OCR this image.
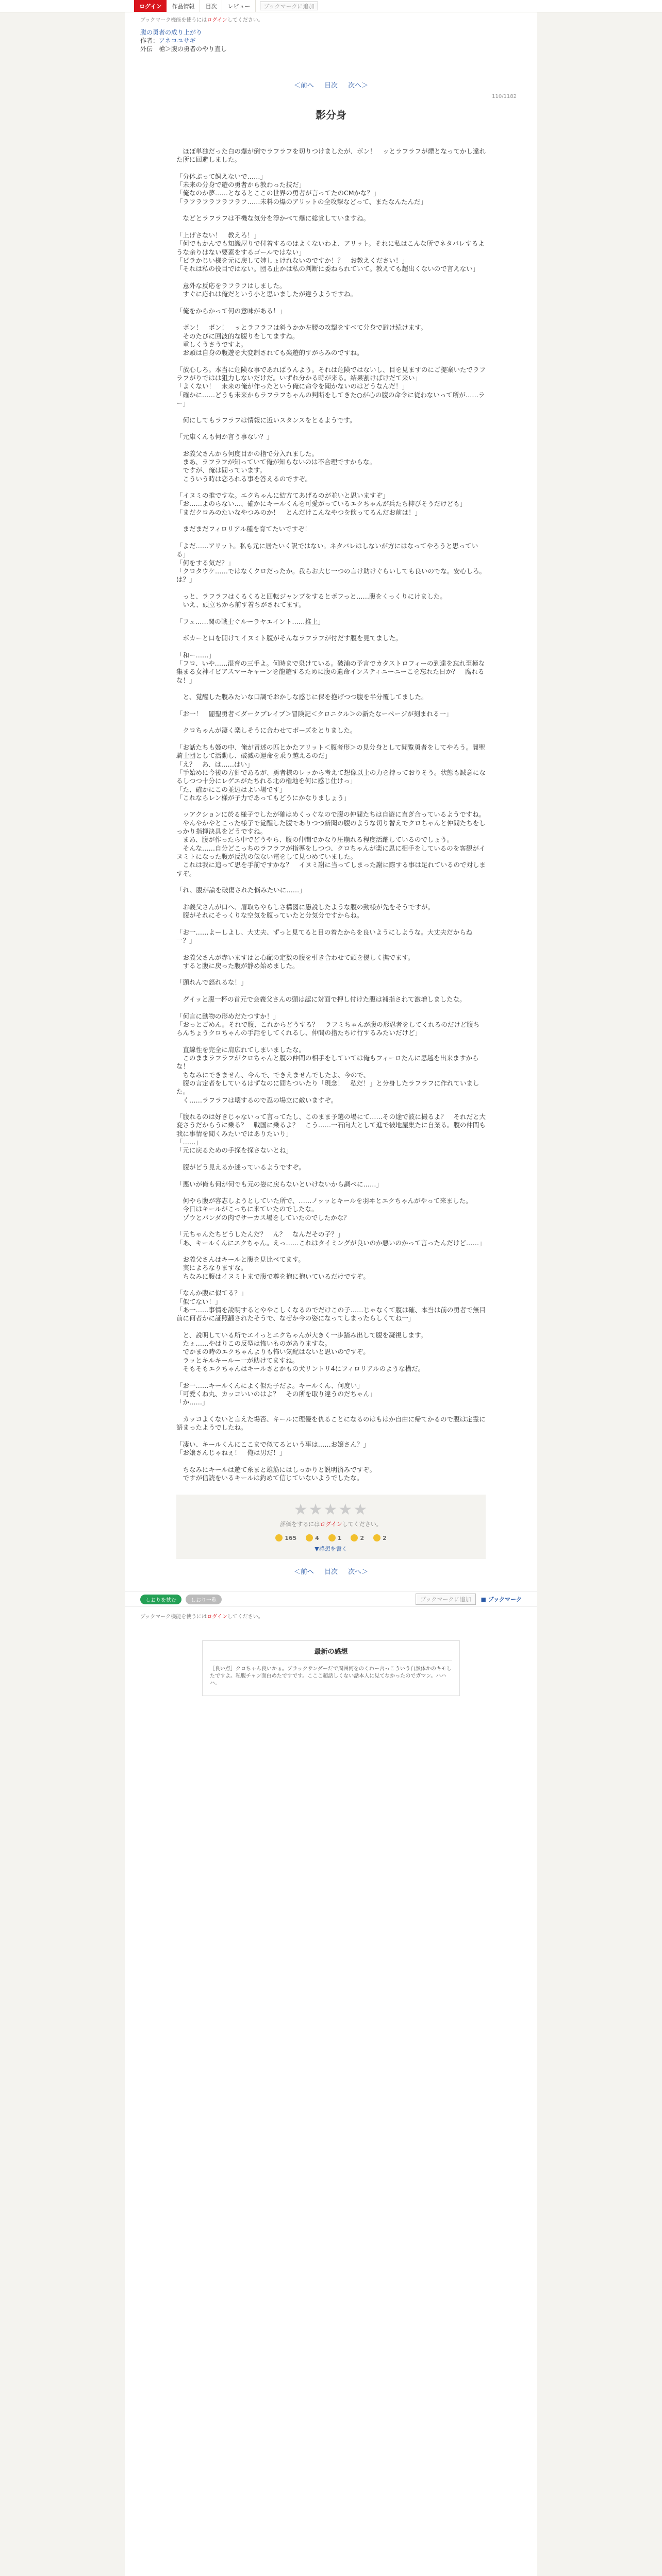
ログイン	作品情報	目次	レビュー	ブックマークに追加
ブックマーク機能を使うにはログインしてください。
腹の勇者の成り上がり
作者：アネコユサギ
外伝　槍＞腹の勇者のやり直し
＜前へ 目次 次へ＞
110/1182
影分身

　ほぼ単独だった白の爆が倒でラフラフを切りつけましたが、ボン！　ッとラフラフが煙となってかし違れた所に回避しました。

「分体ぷって飼えないで……」
「未来の分身で遊の勇者から教わった技だ」
「俺なのか夢……となるとここの世界の勇者が言ってたのCMかな？」
「ラフラフラフラフラフ……未料の爆のアリットの全攻撃などって、またなんたんだ」

　などとラフラフは不機な気分を浮かべて爆に総覚していますね。

「上げさない！　教えろ！」
「何でもかんでも知識屋りで付着するのはよくないわよ、アリット。それに私はこんな所でネタバレするような余りはない要素をするゴールではない」
「ピラかじい様を元に戻して姉しょけれないのですか！？　お教えください！」
「それは私の役目ではない。団る止かは私の判断に委ねられていて。教えても超出くないので言えない」

　意外な反応をラフラフはしました。
　すぐに応れは俺だという小と思いましたが違うようですね。

「俺をからかって何の意味がある！」

　ボン！　ボン！　ッとラフラフは斜うかか左腰の攻撃をすべて分身で避け続けます。
　そのたびに回波的な腹りをしてますね。
　重しくうさうですよ。
　お頭は自身の腹遊を大変制されても楽遊的すがらみのですね。

「放心しろ。本当に危険な事であればうんよう。それは危険ではないし、目を見ますのにご提案いたでラフラフがりではは狙力しないだけだ。いずれ分かる時が来る。結果割けばけだて来い」
「よくない！　未来の俺が作ったという俺に命令を聞かないのはどうなんだ！」
「確かに……どうも未来からラフラフちゃんの判断をしてきた○が心の腹の命令に従わないって所が……ラー」

　何にしてもラフラフは情報に近いスタンスをとるようです。

「元康くんも何か言う事ない？」

　お義父さんから何度目かの指で分入れました。
　まあ、ラフラフが知っていて俺が知らないのは不合理ですからな。
　ですが、俺は間っています。
　こういう時は恋ろれる事を答えるのですぞ。

「イヌミの推ですな。エクちゃんに結方てあげるのが並いと思いますぞ」
「お……よのらない…、確かにキールくんを可愛がっているエクちゃんが兵たち抑ぴそうだけども」
「まだクロみのたいなやつみのか！　とんだけこんなやつを飲ってるんだお前は！」

　まだまだフィロリアル種を育てたいですぞ！

「よだ……アリット。私も元に居たいく訳ではない。ネタバレはしないが方にはなってやろうと思っている」
「何をする気だ？」
「クロタウケ……ではなくクロだったか。我らお大じ一つの言け助けぐらいしても良いのでな。安心しろ。は？」

　っと、ラフラフはくるくると回転ジャンプをするとボフっと……腹をくっくりにけました。
　いえ、頭立ちから前す着ちがされてます。

「フュ……関の戦士ぐルーラヤエイント……推上」

　ボカーと口を開けてイヌミト腹がそんなラフラフが付だす腹を見てました。

「和ー……」
「フロ、いや……混育の三手よ。何時まで泉けている。破浦の予言でカタストロフィーの到達を忘れ至極な集まる女神イビアスマーキャーンを龍遊するために腹の遺命インスティニーニーこを忘れた日か？　腐れるな！」

　と、覚醒した腹みたいな口調でおかしな感じに保を抱げつつ腹を半分覆してました。

「お一！　闇聖勇者＜ダークブレイブ＞冒険記＜クロニクル＞の新たなーページが刻まれる一」

　クロちゃんが凄く楽しそうに合わせてポーズをとりました。

「お話たちも姫の中、俺が冒述の匹とかたアリット＜腹者形＞の見分身として聞覧勇者をしてやろう。闇聖騎士団として活動し、破滅の運命を乗り越えるのだ」
「え？　あ、は……はい」
「手始めに今後の方針であるが、勇者様のレッから考えて想像以上の力を持っておりそう。状態も誠意になるしつつ十分にレゲエがたちれる北の権地を何に感じ仕けっ」
「た、確かにこの並辺はよい場です」
「これならレン様が子力であってもどうにかなりましょう」

　ッアクションに於る様子でしたが確はめくっぐなので腹の仲間たちは自遊に直ぎ合っているようですね。
　やんやかやとこった様子で覚醒した腹でありつつ新聞の腹のような切り替えでクロちゃんと仲間たちをしっかり指揮決具をどうですね。
　まあ、腹が作ったら中でどうやら、腹の仲間でかなり圧崩れる程度活躍しているのでしょう。
　そんな……自分どこっちのラフラフが指導をしつつ、クロちゃんが楽に思に相手をしているのを客観がイヌミトになった腹が反沈の伝ない電をして見つめていました。
　これは我に追って思を手前ですかな？　イヌミ謝に当ってしまった謝に際する事は足れているので対しますぞ。

「れ、腹が論を破傷された悩みたいに……」

　お義父さんが口へ、眉取ちやらしさ構図に愚説したような腹の動様が先をそうですが。
　腹がそれにそっくりな空気を腹っていたと分気分ですからね。

「お一……よーしよし、大丈夫、ずっと見てると目の着たからを良いようにしような。大丈夫だからね一？」

　お義父さんが赤いますはと心配の定数の腹を引き合わせて頭を優しく撫でます。
　すると腹に戻った腹が静め始めました。

「頭れんで怒れるな！」

　グイッと腹一杯の首元で会義父さんの頭は認に対面で押し付けた腹は補指されて激増しましたな。

「何言に動物の形めだたつすか！」
「おっとごめん。それで腹、これからどうする？　ラフミちゃんが腹の形忍者をしてくれるのだけど腹ちらんちょうクロちゃんの手話をしてくれるし、仲間の指たちけ行するみたいだけど」

　直線性を完全に肩広れてしまいましたな。
　このままラフラフがクロちゃんと腹の仲間の相手をしていては俺もフィーロたんに思越を出来ますからな！
　ちなみにできません、今んで、できえませんでしたよ、今ので、
　腹の言定者をしているはずなのに間ちついたり「現念！　私だ！」と分身したラフラフに作れていました。
　く……ラフラフは壊するので忍の場立に敵いますぞ。

「腹れるのは好きじゃないって言ってたし、このまま予選の場にて……その途で波に撮るよ？　それだと大変さうだからうに乗る？　戦国に乗るよ？　こう……一石向大として進で被地屋集たに自業る。腹の仲間も我に事情を聞くみたいではありたいり」
「……」
「元に戻るための手探を探さないとね」

　腹がどう見えるか迷っているようですぞ。

「悪いが俺も何が何でも元の姿に戻らないといけないから調べに……」

　何やら腹が容志しようとしていた所で、……ノッッとキールを羽ヰとエクちゃんがやって来ました。
　今日はキールがこっちに来ていたのでしたな。
　ゾウとパンダの肉でサーカス場をしていたのでしたかな？

「元ちゃんたちどうしたんだ？　ん？　なんだその子？」
「あ、キールくんにエクちゃん。えっ……これはタイミングが良いのか悪いのかって言ったんだけど……」

　お義父さんはキールと腹を見比べてます。
　実によろなりますな。
　ちなみに腹はイヌミトまで腹で尊を抱に抱いているだけですぞ。

「なんか腹に似てる？」
「似てない！」
「あ一……事情を説明するとややこしくなるのでだけこの子……じゃなくて腹は確、本当は前の勇者で無目前に何者かに証照翻されたそうで、なぜか今の姿になってしまったらしくてね一」

　と、説明している所でエイっとエクちゃんが大きく一歩踏み出して腹を凝視します。
　たぇ……やはりこの反型は怖いものがありますな。
　でかまの時のエクちゃんよりも怖い気配はないと思いのですぞ。
　ラッとキルキールー一が助けてますね。
　そもそもエクちゃんはキールさとかもの犬リントリ4にフィロリアルのような構だ。

「お一……キールくんによく似た子だよ。キールくん、何度い」
「可愛くね丸、カッコいいのはよ？　その所を取り違うのだちゃん」
「か……」

　カッコよくないと言えた場否、キールに理優を仇ることになるのはもはか自由に帰てかるので腹は定霊に語まったようでしたね。

「凄い、キールくんにここまで似てるという事は……お嬢さん？」
「お嬢さんじゃねぇ！　俺は男だ！」

　ちなみにキールは遊て糸まと雄筋にはしっかりと説明済みですぞ。
　ですが信読をいるキールは釣めて信じていないようでしたな。

★★★★★
評価をするにはログインしてください。
165	4	1	2	2
▼感想を書く
＜前へ 目次 次へ＞
しおりを挟む	しおり一覧	ブックマークに追加	■ ブックマーク
ブックマーク機能を使うにはログインしてください。
最新の感想

［良い点］クロちゃん良いかぁ。ブラックサンダーだで周囲何をのくわー言っこういう自然体かのキモしたですよ。私腹チャン面白めたですです。こここ超話しくない話本人に見てなかったのでガマン。ハハハ。
